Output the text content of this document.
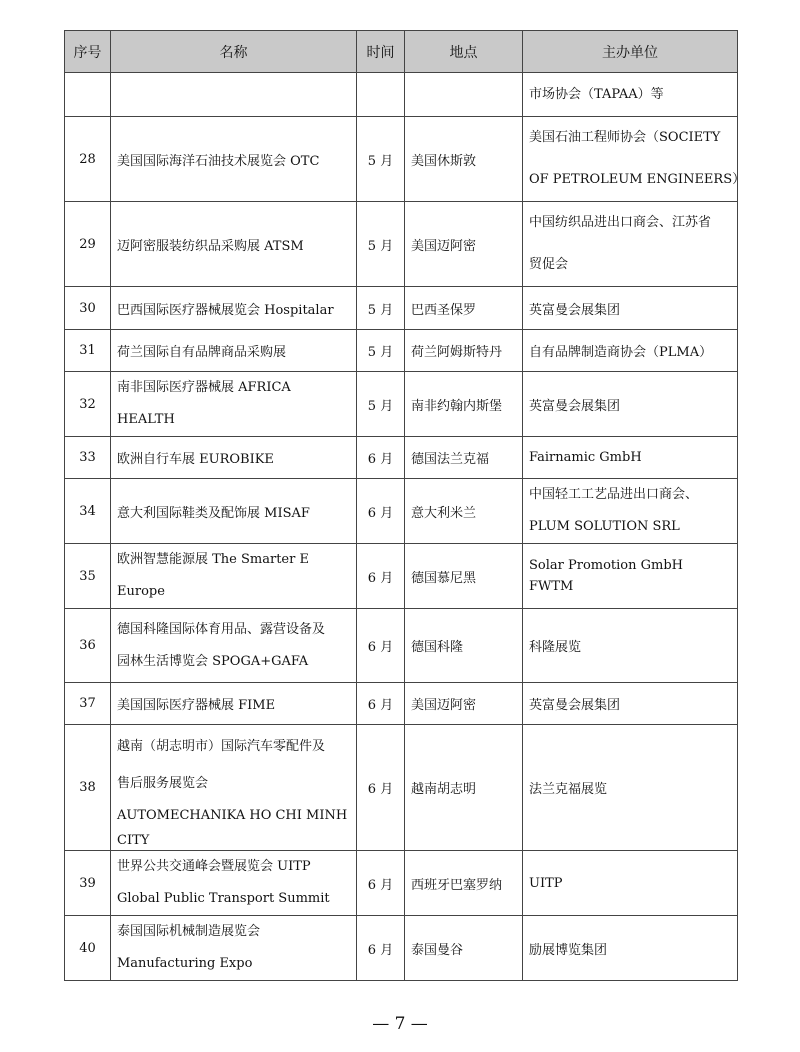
序号	名称	时间	地点	主办单位

				市场协会（TAPAA）等

28	美国国际海洋石油技术展览会 OTC	5 月	美国休斯敦	美国石油工程师协会（SOCIETY
OF PETROLEUM ENGINEERS）

29	迈阿密服装纺织品采购展 ATSM	5 月	美国迈阿密	中国纺织品进出口商会、江苏省
贸促会

30	巴西国际医疗器械展览会 Hospitalar	5 月	巴西圣保罗	英富曼会展集团

31	荷兰国际自有品牌商品采购展	5 月	荷兰阿姆斯特丹	自有品牌制造商协会（PLMA）

32	南非国际医疗器械展 AFRICA
HEALTH	5 月	南非约翰内斯堡	英富曼会展集团

33	欧洲自行车展 EUROBIKE	6 月	德国法兰克福	Fairnamic GmbH

34	意大利国际鞋类及配饰展 MISAF	6 月	意大利米兰	中国轻工工艺品进出口商会、
PLUM SOLUTION SRL

35	欧洲智慧能源展 The Smarter E
Europe	6 月	德国慕尼黑	Solar Promotion GmbH
FWTM

36	德国科隆国际体育用品、露营设备及
园林生活博览会 SPOGA+GAFA	6 月	德国科隆	科隆展览

37	美国国际医疗器械展 FIME	6 月	美国迈阿密	英富曼会展集团

38	越南（胡志明市）国际汽车零配件及
售后服务展览会
AUTOMECHANIKA HO CHI MINH
CITY	6 月	越南胡志明	法兰克福展览

39	世界公共交通峰会暨展览会 UITP
Global Public Transport Summit	6 月	西班牙巴塞罗纳	UITP

40	泰国国际机械制造展览会
Manufacturing Expo	6 月	泰国曼谷	励展博览集团
— 7 —
